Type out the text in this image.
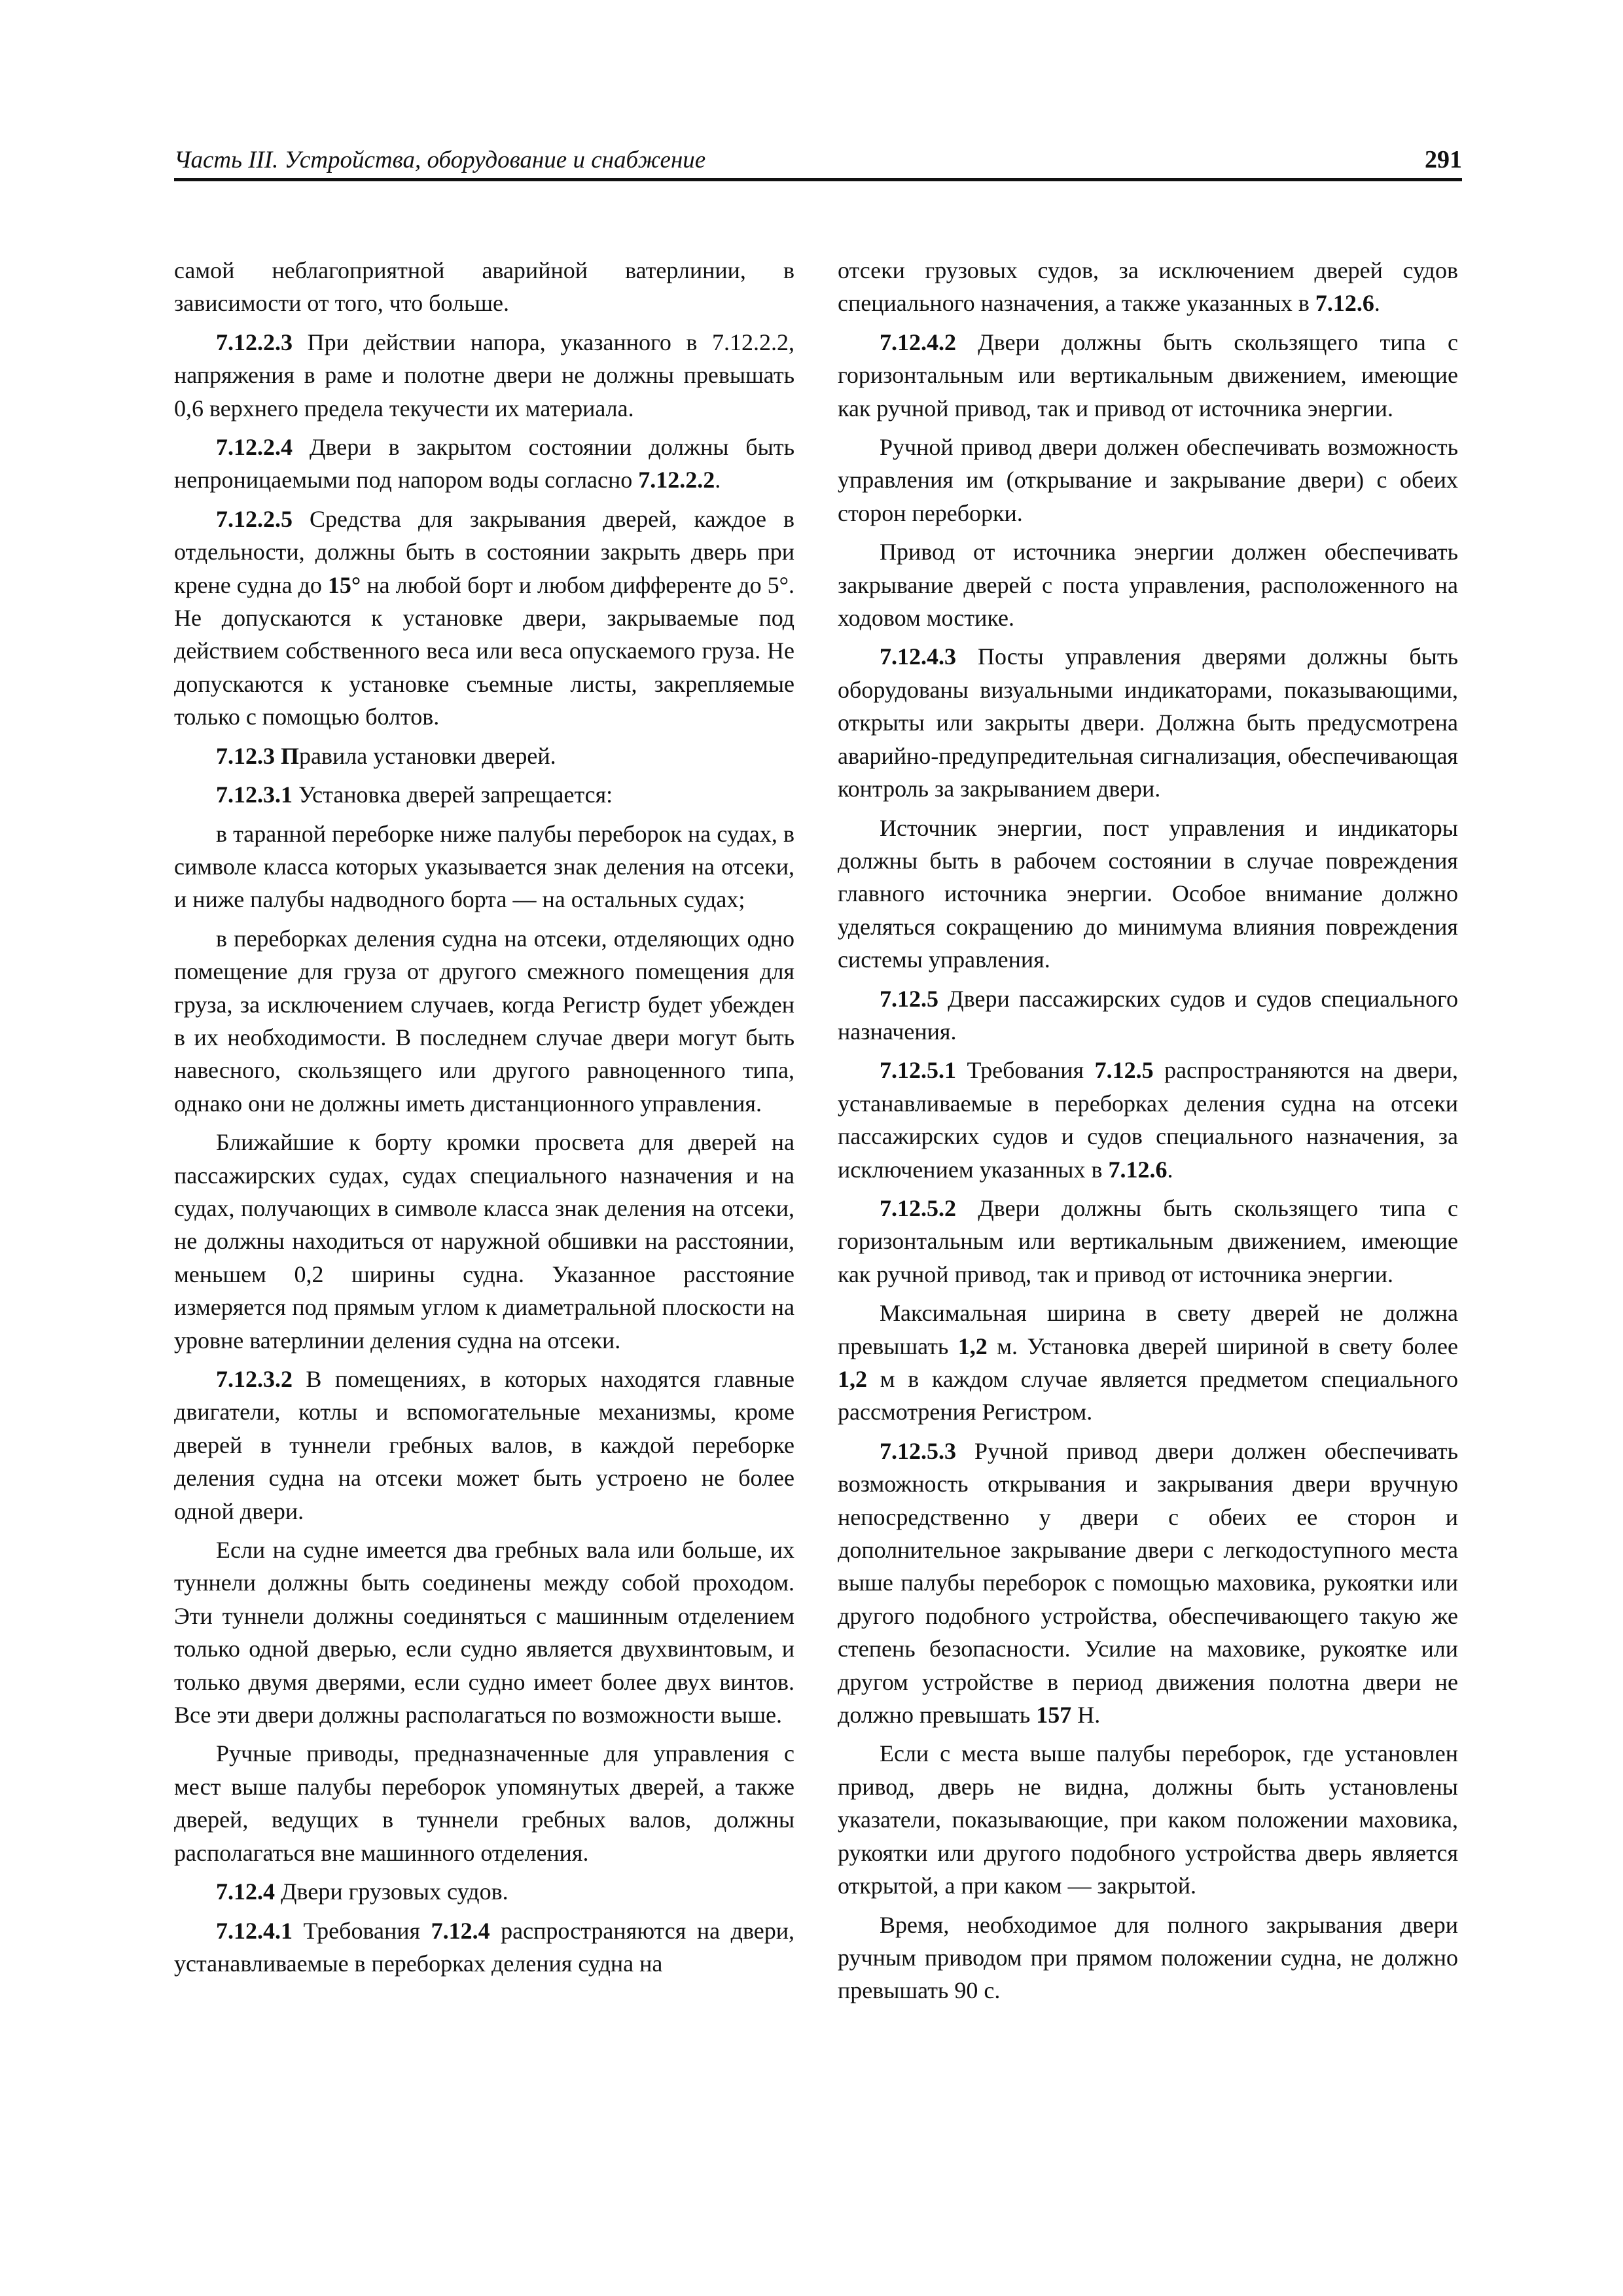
Часть III. Устройства, оборудование и снабжение	291

самой неблагоприятной аварийной ватерлинии, в зависимости от того, что больше.

7.12.2.3 При действии напора, указанного в 7.12.2.2, напряжения в раме и полотне двери не должны превышать 0,6 верхнего предела текучести их материала.

7.12.2.4 Двери в закрытом состоянии должны быть непроницаемыми под напором воды согласно 7.12.2.2.

7.12.2.5 Средства для закрывания дверей, каждое в отдельности, должны быть в состоянии закрыть дверь при крене судна до 15° на любой борт и любом дифференте до 5°. Не допускаются к установке двери, закрываемые под действием собственного веса или веса опускаемого груза. Не допускаются к установке съемные листы, закрепляемые только с помощью болтов.

7.12.3 Правила установки дверей.

7.12.3.1 Установка дверей запрещается:

в таранной переборке ниже палубы переборок на судах, в символе класса которых указывается знак деления на отсеки, и ниже палубы надводного борта — на остальных судах;

в переборках деления судна на отсеки, отделяющих одно помещение для груза от другого смежного помещения для груза, за исключением случаев, когда Регистр будет убежден в их необходимости. В последнем случае двери могут быть навесного, скользящего или другого равноценного типа, однако они не должны иметь дистанционного управления.

Ближайшие к борту кромки просвета для дверей на пассажирских судах, судах специального назначения и на судах, получающих в символе класса знак деления на отсеки, не должны находиться от наружной обшивки на расстоянии, меньшем 0,2 ширины судна. Указанное расстояние измеряется под прямым углом к диаметральной плоскости на уровне ватерлинии деления судна на отсеки.

7.12.3.2 В помещениях, в которых находятся главные двигатели, котлы и вспомогательные механизмы, кроме дверей в туннели гребных валов, в каждой переборке деления судна на отсеки может быть устроено не более одной двери.

Если на судне имеется два гребных вала или больше, их туннели должны быть соединены между собой проходом. Эти туннели должны соединяться с машинным отделением только одной дверью, если судно является двухвинтовым, и только двумя дверями, если судно имеет более двух винтов. Все эти двери должны располагаться по возможности выше.

Ручные приводы, предназначенные для управления с мест выше палубы переборок упомянутых дверей, а также дверей, ведущих в туннели гребных валов, должны располагаться вне машинного отделения.

7.12.4 Двери грузовых судов.

7.12.4.1 Требования 7.12.4 распространяются на двери, устанавливаемые в переборках деления судна на

отсеки грузовых судов, за исключением дверей судов специального назначения, а также указанных в 7.12.6.

7.12.4.2 Двери должны быть скользящего типа с горизонтальным или вертикальным движением, имеющие как ручной привод, так и привод от источника энергии.

Ручной привод двери должен обеспечивать возможность управления им (открывание и закрывание двери) с обеих сторон переборки.

Привод от источника энергии должен обеспечивать закрывание дверей с поста управления, расположенного на ходовом мостике.

7.12.4.3 Посты управления дверями должны быть оборудованы визуальными индикаторами, показывающими, открыты или закрыты двери. Должна быть предусмотрена аварийно-предупредительная сигнализация, обеспечивающая контроль за закрыванием двери.

Источник энергии, пост управления и индикаторы должны быть в рабочем состоянии в случае повреждения главного источника энергии. Особое внимание должно уделяться сокращению до минимума влияния повреждения системы управления.

7.12.5 Двери пассажирских судов и судов специального назначения.

7.12.5.1 Требования 7.12.5 распространяются на двери, устанавливаемые в переборках деления судна на отсеки пассажирских судов и судов специального назначения, за исключением указанных в 7.12.6.

7.12.5.2 Двери должны быть скользящего типа с горизонтальным или вертикальным движением, имеющие как ручной привод, так и привод от источника энергии.

Максимальная ширина в свету дверей не должна превышать 1,2 м. Установка дверей шириной в свету более 1,2 м в каждом случае является предметом специального рассмотрения Регистром.

7.12.5.3 Ручной привод двери должен обеспечивать возможность открывания и закрывания двери вручную непосредственно у двери с обеих ее сторон и дополнительное закрывание двери с легкодоступного места выше палубы переборок с помощью маховика, рукоятки или другого подобного устройства, обеспечивающего такую же степень безопасности. Усилие на маховике, рукоятке или другом устройстве в период движения полотна двери не должно превышать 157 Н.

Если с места выше палубы переборок, где установлен привод, дверь не видна, должны быть установлены указатели, показывающие, при каком положении маховика, рукоятки или другого подобного устройства дверь является открытой, а при каком — закрытой.

Время, необходимое для полного закрывания двери ручным приводом при прямом положении судна, не должно превышать 90 с.
